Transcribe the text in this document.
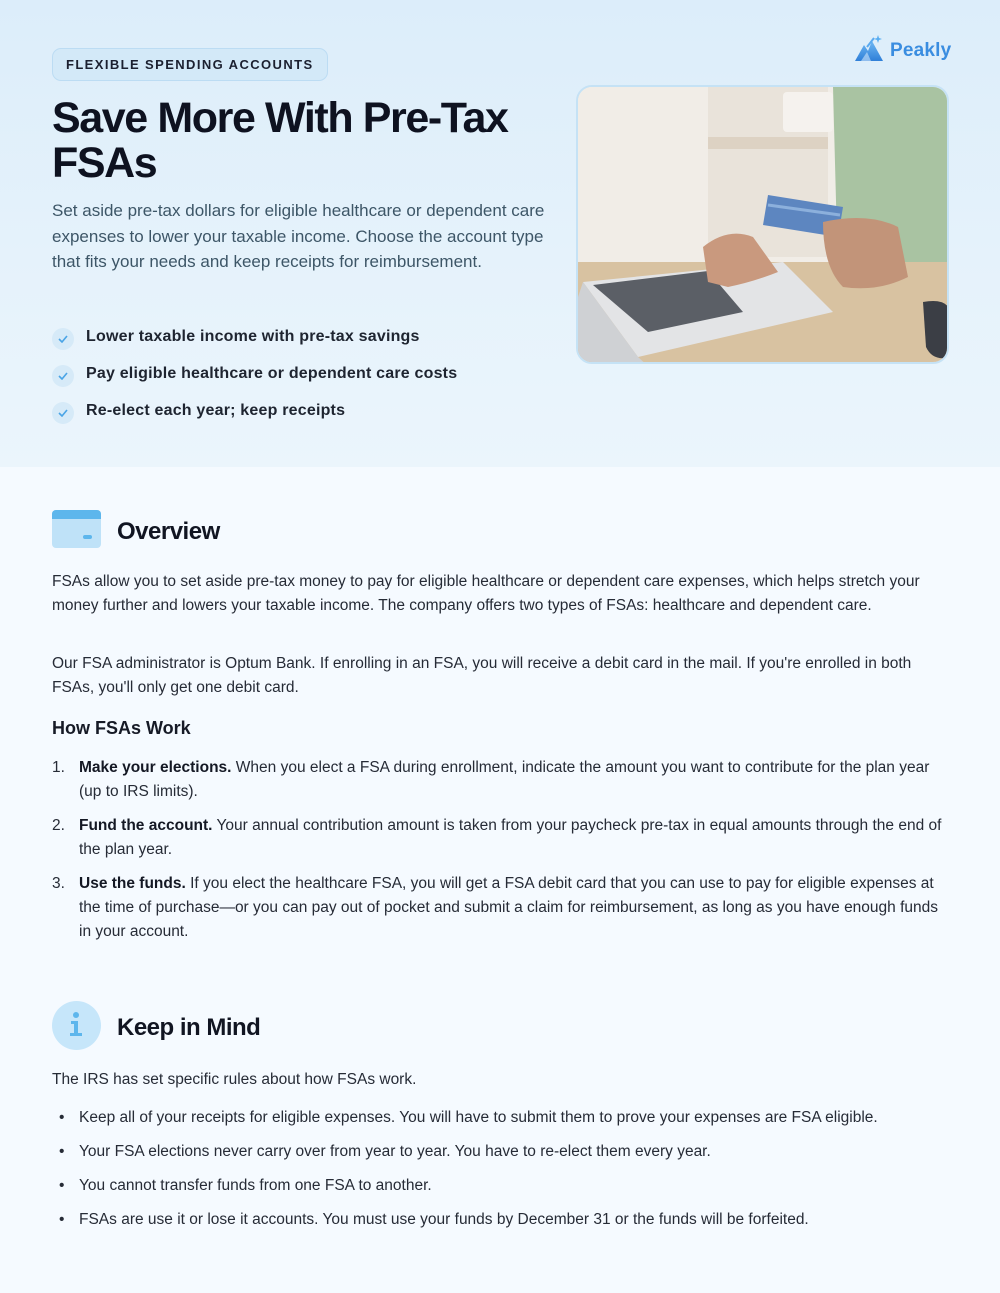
FLEXIBLE SPENDING ACCOUNTS
Peakly
Save More With Pre-Tax FSAs

Set aside pre-tax dollars for eligible healthcare or dependent care expenses to lower your taxable income. Choose the account type that fits your needs and keep receipts for reimbursement.

Lower taxable income with pre-tax savings
Pay eligible healthcare or dependent care costs
Re-elect each year; keep receipts
Overview

FSAs allow you to set aside pre-tax money to pay for eligible healthcare or dependent care expenses, which helps stretch your money further and lowers your taxable income. The company offers two types of FSAs: healthcare and dependent care.

Our FSA administrator is Optum Bank. If enrolling in an FSA, you will receive a debit card in the mail. If you're enrolled in both FSAs, you'll only get one debit card.

How FSAs Work
1. Make your elections. When you elect a FSA during enrollment, indicate the amount you want to contribute for the plan year (up to IRS limits).
2. Fund the account. Your annual contribution amount is taken from your paycheck pre-tax in equal amounts through the end of the plan year.
3. Use the funds. If you elect the healthcare FSA, you will get a FSA debit card that you can use to pay for eligible expenses at the time of purchase—or you can pay out of pocket and submit a claim for reimbursement, as long as you have enough funds in your account.
Keep in Mind

The IRS has set specific rules about how FSAs work.

• Keep all of your receipts for eligible expenses. You will have to submit them to prove your expenses are FSA eligible.
• Your FSA elections never carry over from year to year. You have to re-elect them every year.
• You cannot transfer funds from one FSA to another.
• FSAs are use it or lose it accounts. You must use your funds by December 31 or the funds will be forfeited.
